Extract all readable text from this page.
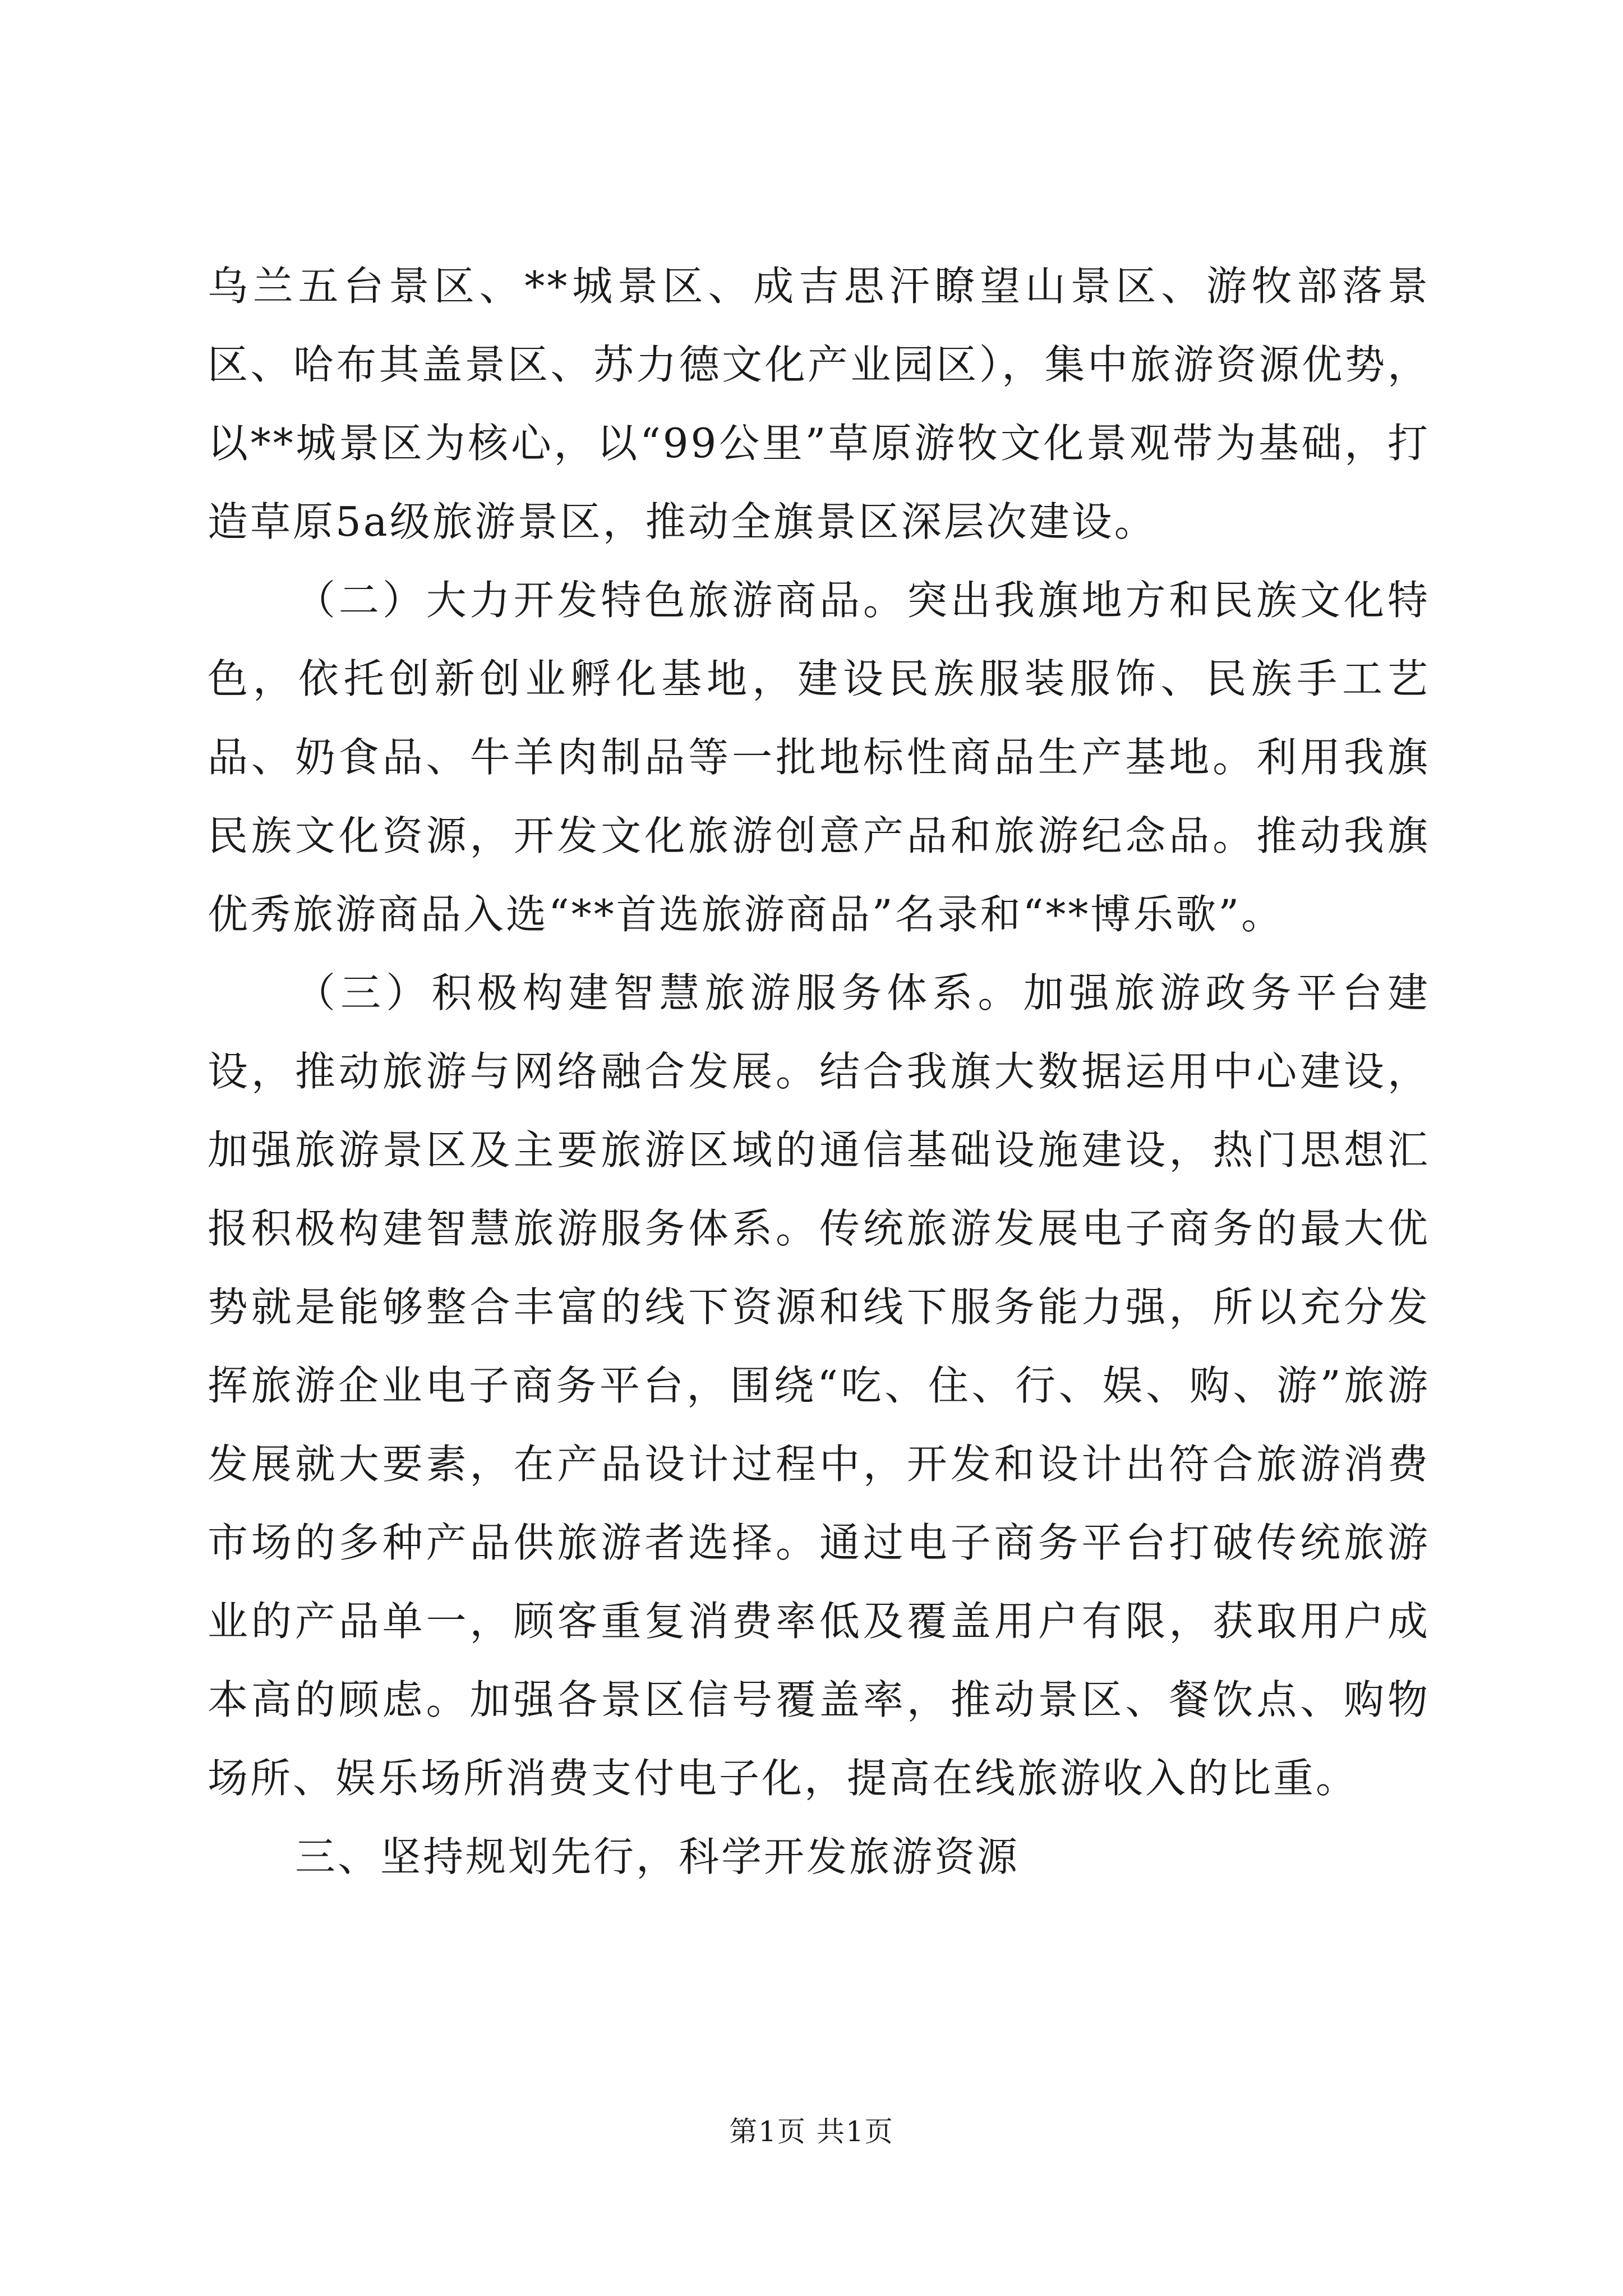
乌兰五台景区、**城景区、成吉思汗瞭望山景区、游牧部落景区、哈布其盖景区、苏力德文化产业园区），集中旅游资源优势，以**城景区为核心，以“99公里”草原游牧文化景观带为基础，打造草原5a级旅游景区，推动全旗景区深层次建设。

（二）大力开发特色旅游商品。突出我旗地方和民族文化特色，依托创新创业孵化基地，建设民族服装服饰、民族手工艺品、奶食品、牛羊肉制品等一批地标性商品生产基地。利用我旗民族文化资源，开发文化旅游创意产品和旅游纪念品。推动我旗优秀旅游商品入选“**首选旅游商品”名录和“**博乐歌”。

（三）积极构建智慧旅游服务体系。加强旅游政务平台建设，推动旅游与网络融合发展。结合我旗大数据运用中心建设，加强旅游景区及主要旅游区域的通信基础设施建设，热门思想汇报积极构建智慧旅游服务体系。传统旅游发展电子商务的最大优势就是能够整合丰富的线下资源和线下服务能力强，所以充分发挥旅游企业电子商务平台，围绕“吃、住、行、娱、购、游”旅游发展就大要素，在产品设计过程中，开发和设计出符合旅游消费市场的多种产品供旅游者选择。通过电子商务平台打破传统旅游业的产品单一，顾客重复消费率低及覆盖用户有限，获取用户成本高的顾虑。加强各景区信号覆盖率，推动景区、餐饮点、购物场所、娱乐场所消费支付电子化，提高在线旅游收入的比重。

三、坚持规划先行，科学开发旅游资源

第1页 共1页
